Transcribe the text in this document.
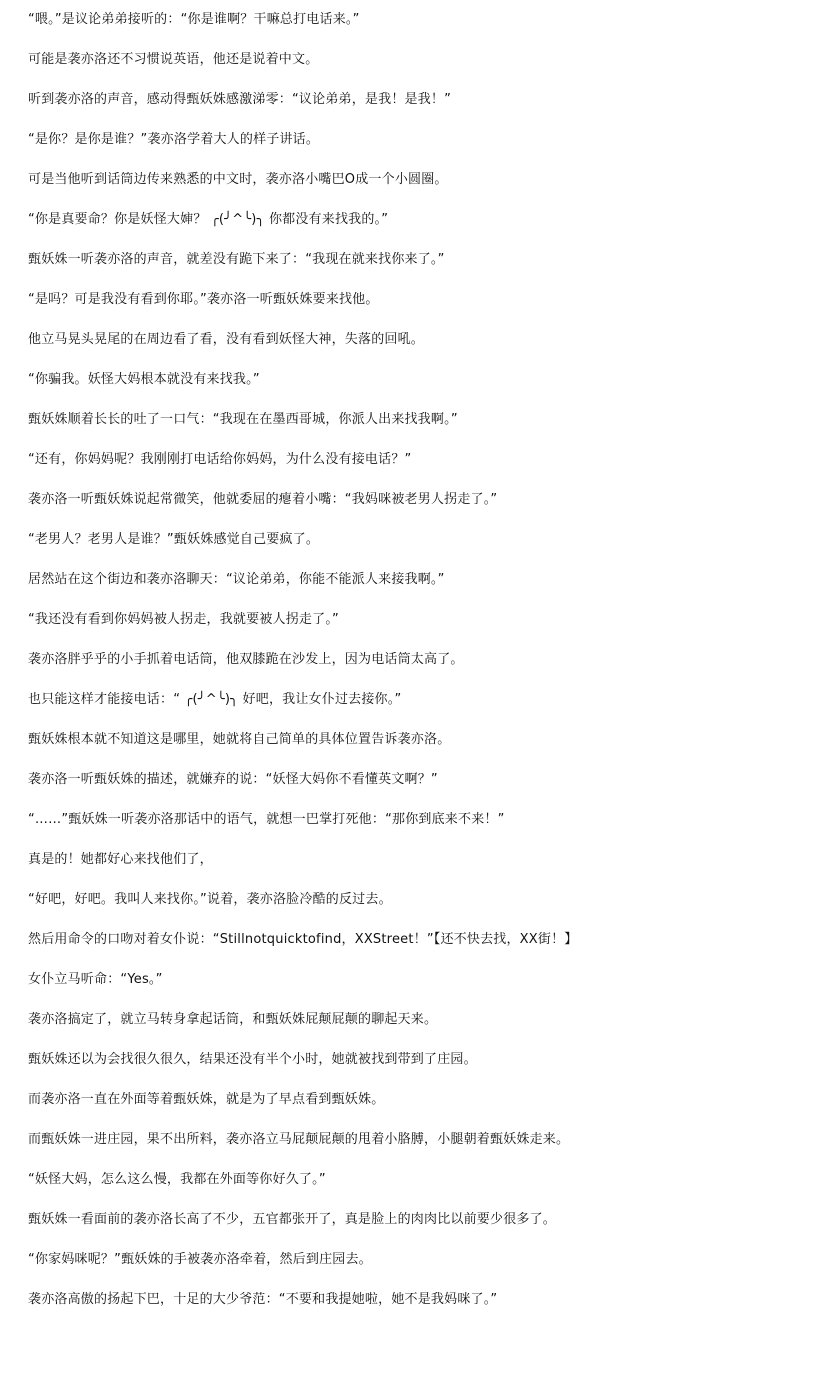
“喂。”是议论弟弟接听的：“你是谁啊？干嘛总打电话来。”

可能是袭亦洛还不习惯说英语，他还是说着中文。

听到袭亦洛的声音，感动得甄妖姝感激涕零：“议论弟弟，是我！是我！”

“是你？是你是谁？”袭亦洛学着大人的样子讲话。

可是当他听到话筒边传来熟悉的中文时，袭亦洛小嘴巴O成一个小圆圈。

“你是真要命？你是妖怪大婶？ ╭(╯^╰)╮ 你都没有来找我的。”

甄妖姝一听袭亦洛的声音，就差没有跪下来了：“我现在就来找你来了。”

“是吗？可是我没有看到你耶。”袭亦洛一听甄妖姝要来找他。

他立马晃头晃尾的在周边看了看，没有看到妖怪大神，失落的回吼。

“你骗我。妖怪大妈根本就没有来找我。”

甄妖姝顺着长长的吐了一口气：“我现在在墨西哥城，你派人出来找我啊。”

“还有，你妈妈呢？我刚刚打电话给你妈妈，为什么没有接电话？”

袭亦洛一听甄妖姝说起常微笑，他就委屈的瘪着小嘴：“我妈咪被老男人拐走了。”

“老男人？老男人是谁？”甄妖姝感觉自己要疯了。

居然站在这个街边和袭亦洛聊天：“议论弟弟，你能不能派人来接我啊。”

“我还没有看到你妈妈被人拐走，我就要被人拐走了。”

袭亦洛胖乎乎的小手抓着电话筒，他双膝跪在沙发上，因为电话筒太高了。

也只能这样才能接电话：“ ╭(╯^╰)╮ 好吧，我让女仆过去接你。”

甄妖姝根本就不知道这是哪里，她就将自己简单的具体位置告诉袭亦洛。

袭亦洛一听甄妖姝的描述，就嫌弃的说：“妖怪大妈你不看懂英文啊？”

“……”甄妖姝一听袭亦洛那话中的语气，就想一巴掌打死他：“那你到底来不来！”

真是的！她都好心来找他们了，

“好吧，好吧。我叫人来找你。”说着，袭亦洛脸冷酷的反过去。

然后用命令的口吻对着女仆说：“Stillnotquicktofind，XXStreet！”【还不快去找，XX街！】

女仆立马听命：“Yes。”

袭亦洛搞定了，就立马转身拿起话筒，和甄妖姝屁颠屁颠的聊起天来。

甄妖姝还以为会找很久很久，结果还没有半个小时，她就被找到带到了庄园。

而袭亦洛一直在外面等着甄妖姝，就是为了早点看到甄妖姝。

而甄妖姝一进庄园，果不出所料，袭亦洛立马屁颠屁颠的甩着小胳膊，小腿朝着甄妖姝走来。

“妖怪大妈，怎么这么慢，我都在外面等你好久了。”

甄妖姝一看面前的袭亦洛长高了不少，五官都张开了，真是脸上的肉肉比以前要少很多了。

“你家妈咪呢？”甄妖姝的手被袭亦洛牵着，然后到庄园去。

袭亦洛高傲的扬起下巴，十足的大少爷范：“不要和我提她啦，她不是我妈咪了。”
